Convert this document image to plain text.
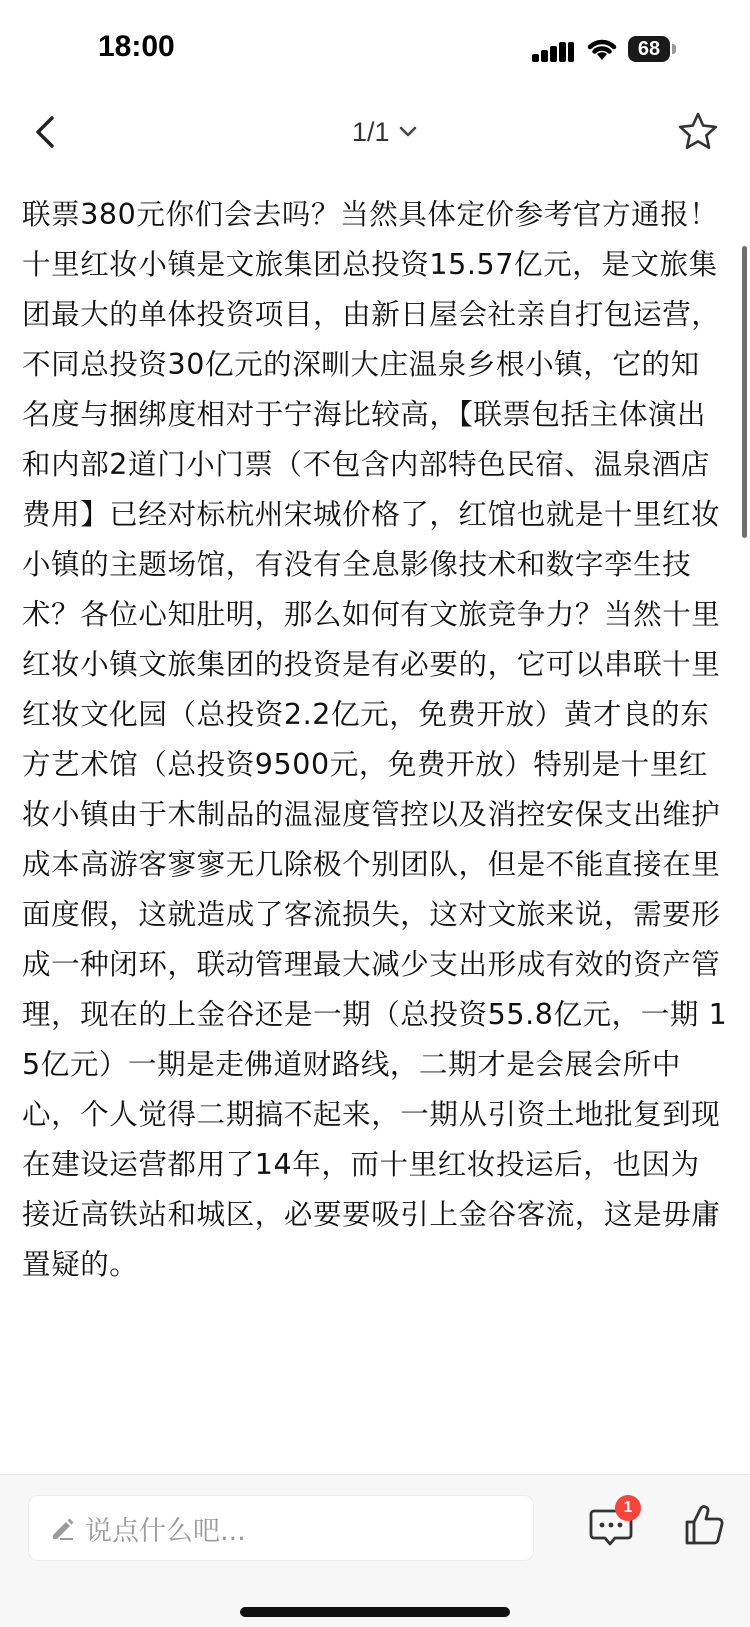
18:00	68
1/1

联票380元你们会去吗？当然具体定价参考官方通报！十里红妆小镇是文旅集团总投资15.57亿元，是文旅集团最大的单体投资项目，由新日屋会社亲自打包运营，不同总投资30亿元的深甽大庄温泉乡根小镇，它的知名度与捆绑度相对于宁海比较高，【联票包括主体演出和内部2道门小门票（不包含内部特色民宿、温泉酒店费用】已经对标杭州宋城价格了，红馆也就是十里红妆小镇的主题场馆，有没有全息影像技术和数字孪生技术？各位心知肚明，那么如何有文旅竞争力？当然十里红妆小镇文旅集团的投资是有必要的，它可以串联十里红妆文化园（总投资2.2亿元，免费开放）黄才良的东方艺术馆（总投资9500元，免费开放）特别是十里红妆小镇由于木制品的温湿度管控以及消控安保支出维护成本高游客寥寥无几除极个别团队，但是不能直接在里面度假，这就造成了客流损失，这对文旅来说，需要形成一种闭环，联动管理最大减少支出形成有效的资产管理，现在的上金谷还是一期（总投资55.8亿元，一期 15亿元）一期是走佛道财路线，二期才是会展会所中心，个人觉得二期搞不起来，一期从引资土地批复到现在建设运营都用了14年，而十里红妆投运后，也因为接近高铁站和城区，必要要吸引上金谷客流，这是毋庸置疑的。

说点什么吧...
1
